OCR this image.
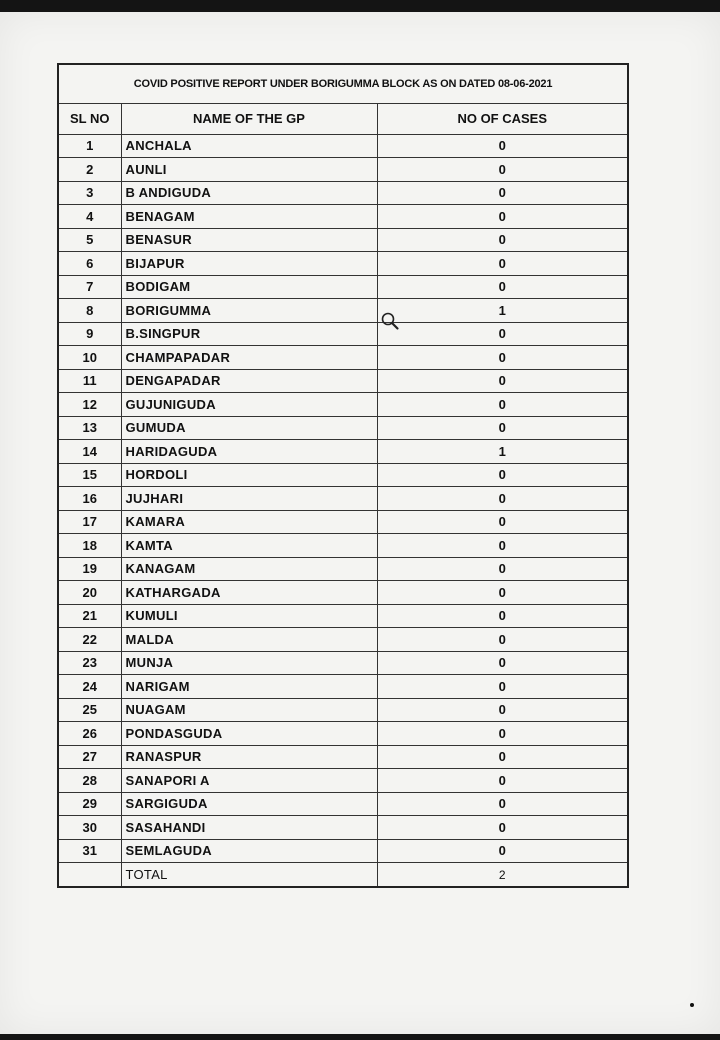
COVID POSITIVE REPORT UNDER BORIGUMMA BLOCK AS ON DATED 08-06-2021
SL NO	NAME OF THE GP	NO OF CASES
1	ANCHALA	0
2	AUNLI	0
3	B ANDIGUDA	0
4	BENAGAM	0
5	BENASUR	0
6	BIJAPUR	0
7	BODIGAM	0
8	BORIGUMMA	1
9	B.SINGPUR	0
10	CHAMPAPADAR	0
11	DENGAPADAR	0
12	GUJUNIGUDA	0
13	GUMUDA	0
14	HARIDAGUDA	1
15	HORDOLI	0
16	JUJHARI	0
17	KAMARA	0
18	KAMTA	0
19	KANAGAM	0
20	KATHARGADA	0
21	KUMULI	0
22	MALDA	0
23	MUNJA	0
24	NARIGAM	0
25	NUAGAM	0
26	PONDASGUDA	0
27	RANASPUR	0
28	SANAPORI A	0
29	SARGIGUDA	0
30	SASAHANDI	0
31	SEMLAGUDA	0
	TOTAL	2
